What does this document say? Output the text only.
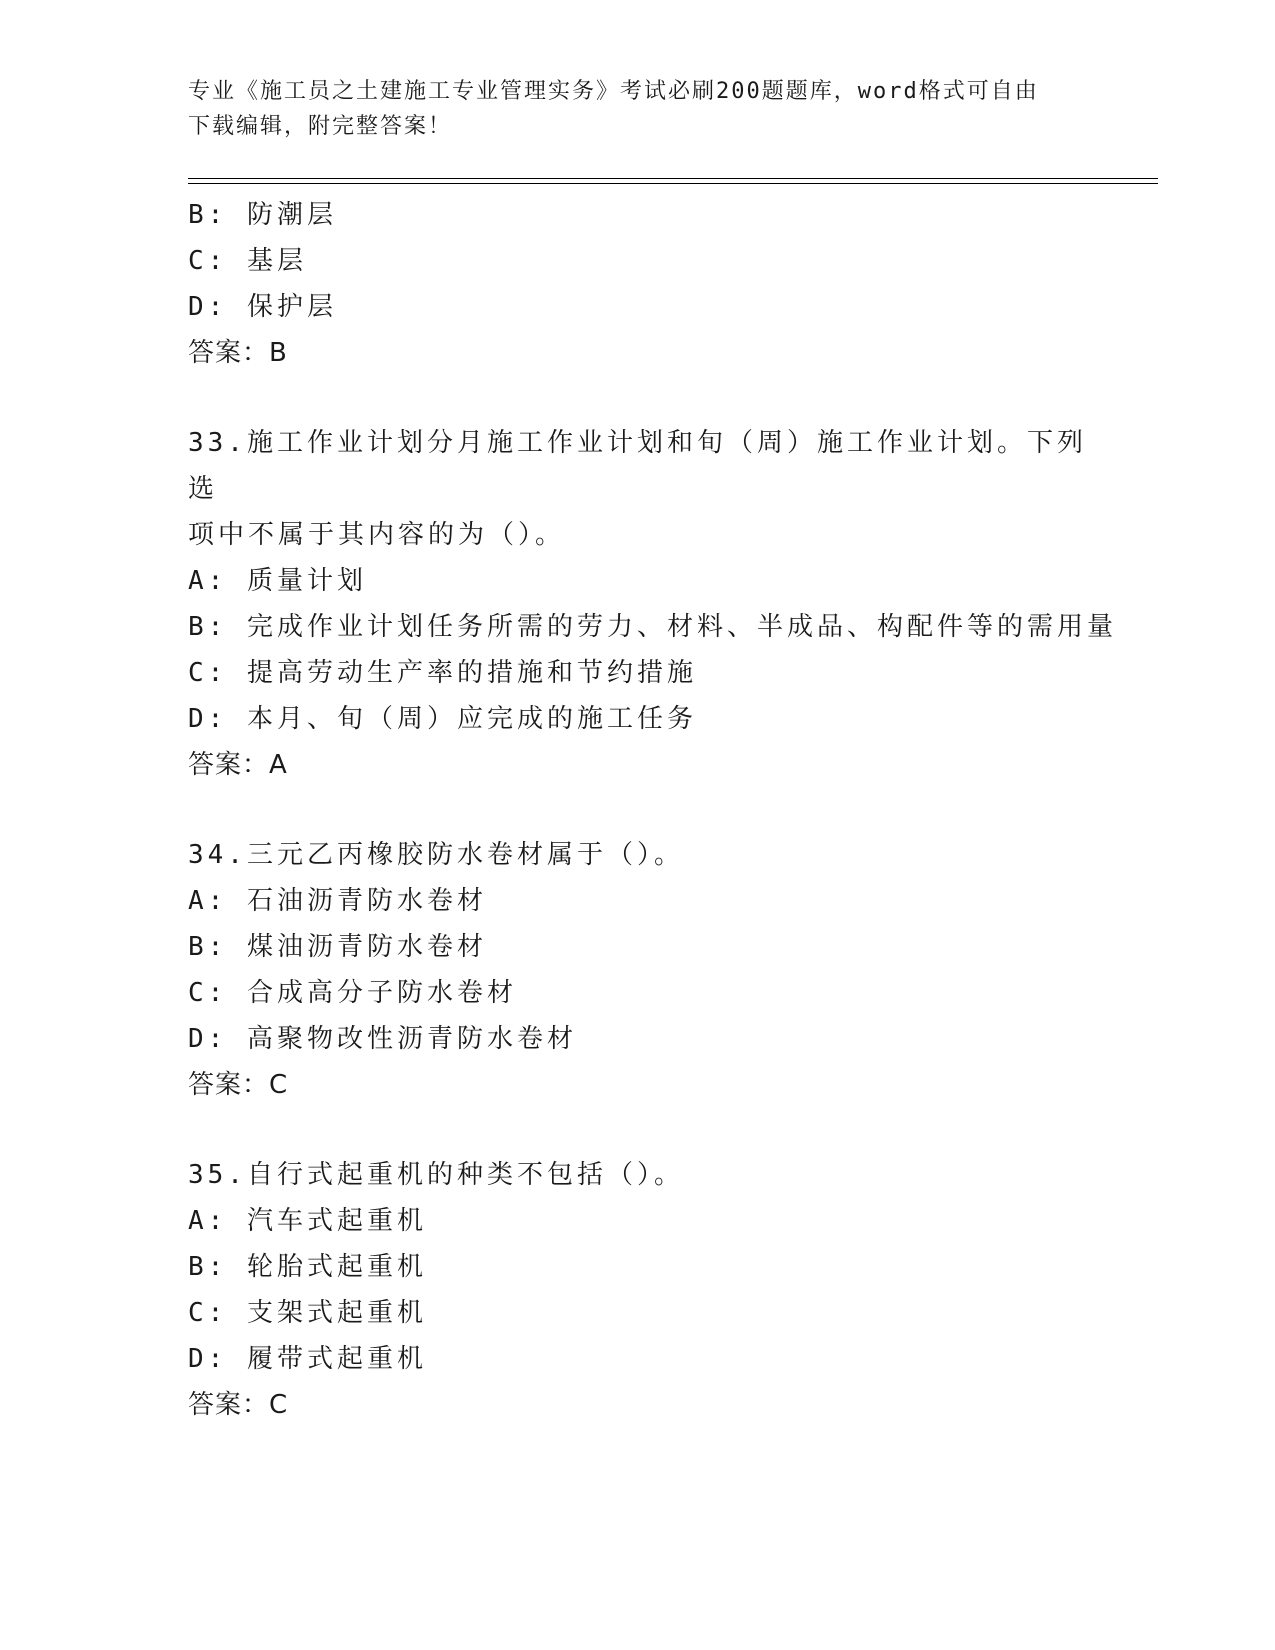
专业《施工员之土建施工专业管理实务》考试必刷200题题库，word格式可自由
下载编辑，附完整答案！
B: 防潮层
C: 基层
D: 保护层
答案：B
33.施工作业计划分月施工作业计划和旬（周）施工作业计划。下列选
项中不属于其内容的为（）。
A: 质量计划
B: 完成作业计划任务所需的劳力、材料、半成品、构配件等的需用量
C: 提高劳动生产率的措施和节约措施
D: 本月、旬（周）应完成的施工任务
答案：A
34.三元乙丙橡胶防水卷材属于（）。
A: 石油沥青防水卷材
B: 煤油沥青防水卷材
C: 合成高分子防水卷材
D: 高聚物改性沥青防水卷材
答案：C
35.自行式起重机的种类不包括（）。
A: 汽车式起重机
B: 轮胎式起重机
C: 支架式起重机
D: 履带式起重机
答案：C
